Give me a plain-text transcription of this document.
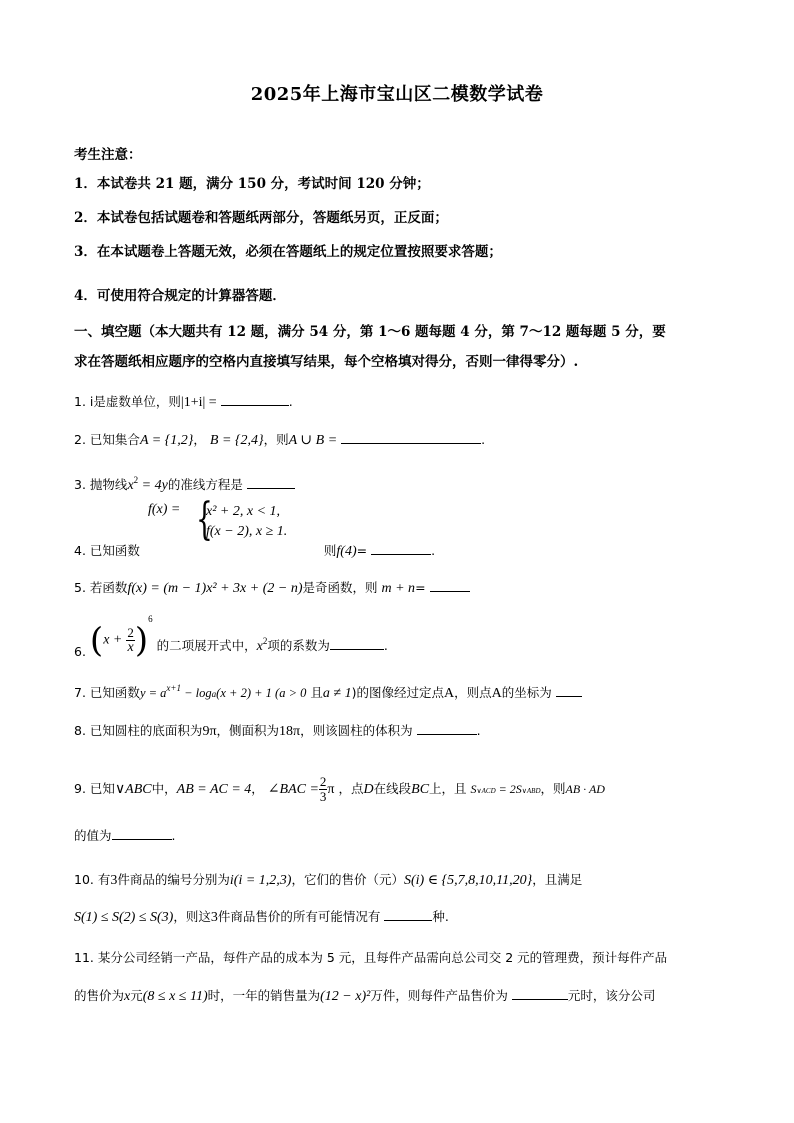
2025年上海市宝山区二模数学试卷
考生注意：
1．本试卷共 21 题，满分 150 分，考试时间 120 分钟；
2．本试卷包括试题卷和答题纸两部分，答题纸另页，正反面；
3．在本试题卷上答题无效，必须在答题纸上的规定位置按照要求答题；
4．可使用符合规定的计算器答题．
一、填空题（本大题共有 12 题，满分 54 分，第 1～6 题每题 4 分，第 7～12 题每题 5 分，要
求在答题纸相应题序的空格内直接填写结果，每个空格填对得分，否则一律得零分）.
1. i是虚数单位，则|1+i| =	.
2. 已知集合A = {1,2}， B = {2,4}，则A ∪ B =	.
3. 抛物线$x^2 = 4y$的准线方程是
f(x) = {
x² + 2, x < 1,
f(x − 2), x ≥ 1.
4. 已知函数	则f(4)=	.
5. 若函数f(x) = (m − 1)x² + 3x + (2 − n)是奇函数，则 m + n=
6. $(x + \frac{2}{x} )^6$ 的二项展开式中，$x^2$项的系数为	.
7. 已知函数$y = a^{x+1} - \log a(x + 2) + 1$ (a > 0 且a ≠ 1)的图像经过定点A，则点A的坐标为
8. 已知圆柱的底面积为9π，侧面积为18π，则该圆柱的体积为	.
9. 已知∨ABC中，AB = AC = 4， ∠BAC = $\frac{2}{3}$ π ，点D在线段BC上，且 S∨ACD = 2S∨ABD，则AB · AD
的值为	.
10. 有3件商品的编号分别为i(i = 1,2,3)，它们的售价（元）S(i) ∈ {5,7,8,10,11,20}，且满足
S(1) ≤ S(2) ≤ S(3)，则这3件商品售价的所有可能情况有	种.
11. 某分公司经销一产品，每件产品的成本为 5 元，且每件产品需向总公司交 2 元的管理费，预计每件产品
的售价为x元(8 ≤ x ≤ 11)时，一年的销售量为(12 − x)²万件，则每件产品售价为	元时，该分公司
